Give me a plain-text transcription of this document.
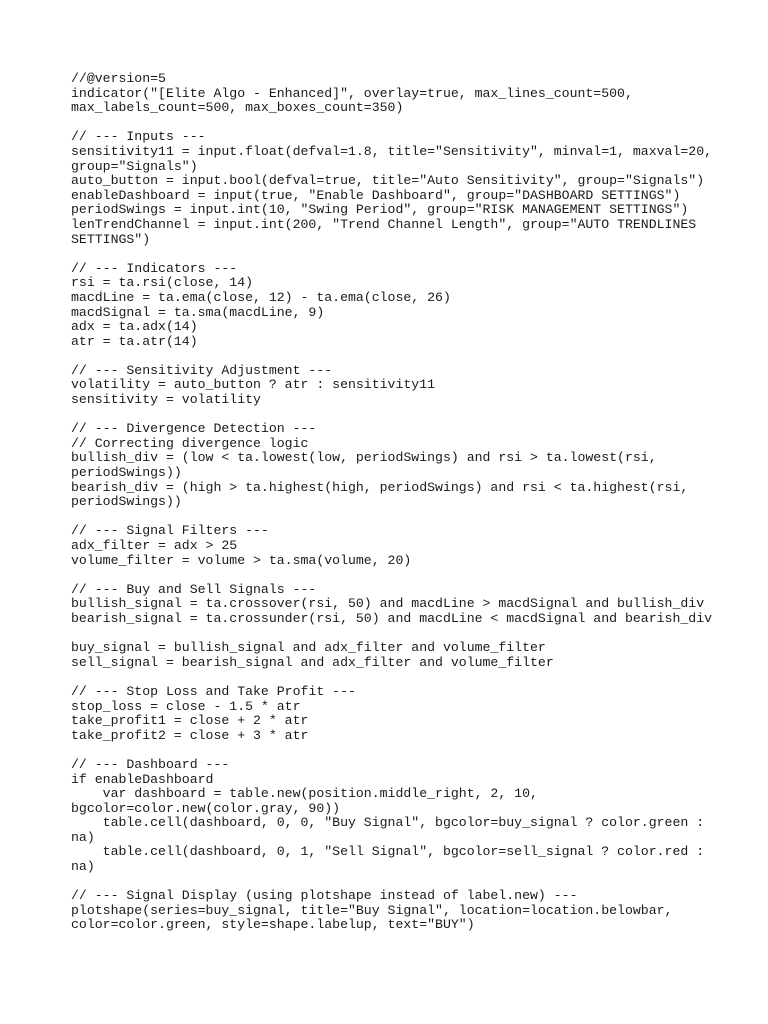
//@version=5
indicator("[Elite Algo - Enhanced]", overlay=true, max_lines_count=500,
max_labels_count=500, max_boxes_count=350)
// --- Inputs ---
sensitivity11 = input.float(defval=1.8, title="Sensitivity", minval=1, maxval=20,
group="Signals")
auto_button = input.bool(defval=true, title="Auto Sensitivity", group="Signals")
enableDashboard = input(true, "Enable Dashboard", group="DASHBOARD SETTINGS")
periodSwings = input.int(10, "Swing Period", group="RISK MANAGEMENT SETTINGS")
lenTrendChannel = input.int(200, "Trend Channel Length", group="AUTO TRENDLINES
SETTINGS")
// --- Indicators ---
rsi = ta.rsi(close, 14)
macdLine = ta.ema(close, 12) - ta.ema(close, 26)
macdSignal = ta.sma(macdLine, 9)
adx = ta.adx(14)
atr = ta.atr(14)
// --- Sensitivity Adjustment ---
volatility = auto_button ? atr : sensitivity11
sensitivity = volatility
// --- Divergence Detection ---
// Correcting divergence logic
bullish_div = (low < ta.lowest(low, periodSwings) and rsi > ta.lowest(rsi,
periodSwings))
bearish_div = (high > ta.highest(high, periodSwings) and rsi < ta.highest(rsi,
periodSwings))
// --- Signal Filters ---
adx_filter = adx > 25
volume_filter = volume > ta.sma(volume, 20)
// --- Buy and Sell Signals ---
bullish_signal = ta.crossover(rsi, 50) and macdLine > macdSignal and bullish_div
bearish_signal = ta.crossunder(rsi, 50) and macdLine < macdSignal and bearish_div
buy_signal = bullish_signal and adx_filter and volume_filter
sell_signal = bearish_signal and adx_filter and volume_filter
// --- Stop Loss and Take Profit ---
stop_loss = close - 1.5 * atr
take_profit1 = close + 2 * atr
take_profit2 = close + 3 * atr
// --- Dashboard ---
if enableDashboard
var dashboard = table.new(position.middle_right, 2, 10,
bgcolor=color.new(color.gray, 90))
table.cell(dashboard, 0, 0, "Buy Signal", bgcolor=buy_signal ? color.green :
na)
table.cell(dashboard, 0, 1, "Sell Signal", bgcolor=sell_signal ? color.red :
na)
// --- Signal Display (using plotshape instead of label.new) ---
plotshape(series=buy_signal, title="Buy Signal", location=location.belowbar,
color=color.green, style=shape.labelup, text="BUY")
